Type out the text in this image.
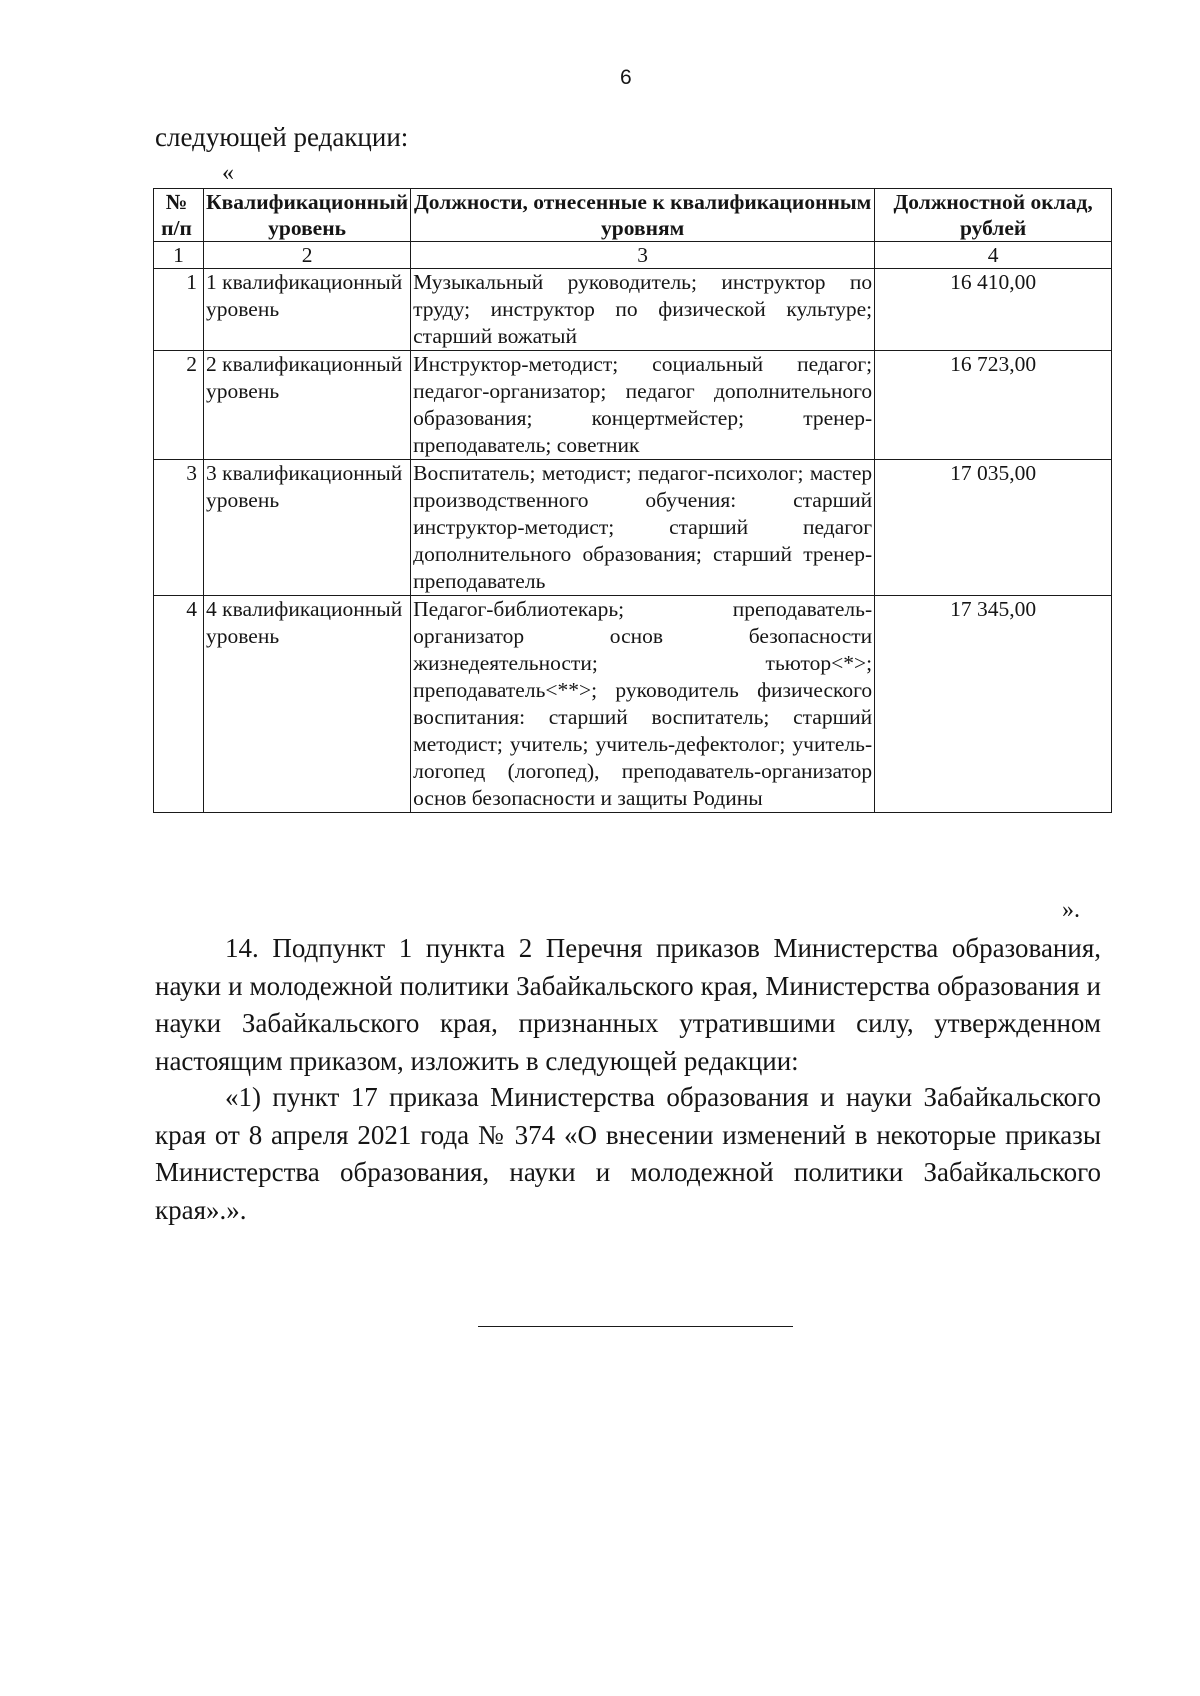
6
следующей редакции:
«
№ п/п	Квалификационный уровень	Должности, отнесенные к квалификационным уровням	Должностной оклад, рублей
1	2	3	4
1	1 квалификационный уровень	Музыкальный руководитель; инструктор по труду; инструктор по физической культуре; старший вожатый	16 410,00
2	2 квалификационный уровень	Инструктор-методист; социальный педагог; педагог-организатор; педагог дополнительного образования; концертмейстер; тренер-преподаватель; советник	16 723,00
3	3 квалификационный уровень	Воспитатель; методист; педагог-психолог; мастер производственного обучения: старший инструктор-методист; старший педагог дополнительного образования; старший тренер-преподаватель	17 035,00
4	4 квалификационный уровень	Педагог-библиотекарь; преподаватель-организатор основ безопасности жизнедеятельности; тьютор<*>; преподаватель<**>; руководитель физического воспитания: старший воспитатель; старший методист; учитель; учитель-дефектолог; учитель-логопед (логопед), преподаватель-организатор основ безопасности и защиты Родины	17 345,00
».
14. Подпункт 1 пункта 2 Перечня приказов Министерства образования, науки и молодежной политики Забайкальского края, Министерства образования и науки Забайкальского края, признанных утратившими силу, утвержденном настоящим приказом, изложить в следующей редакции:
«1) пункт 17 приказа Министерства образования и науки Забайкальского края от 8 апреля 2021 года № 374 «О внесении изменений в некоторые приказы Министерства образования, науки и молодежной политики Забайкальского края».».
